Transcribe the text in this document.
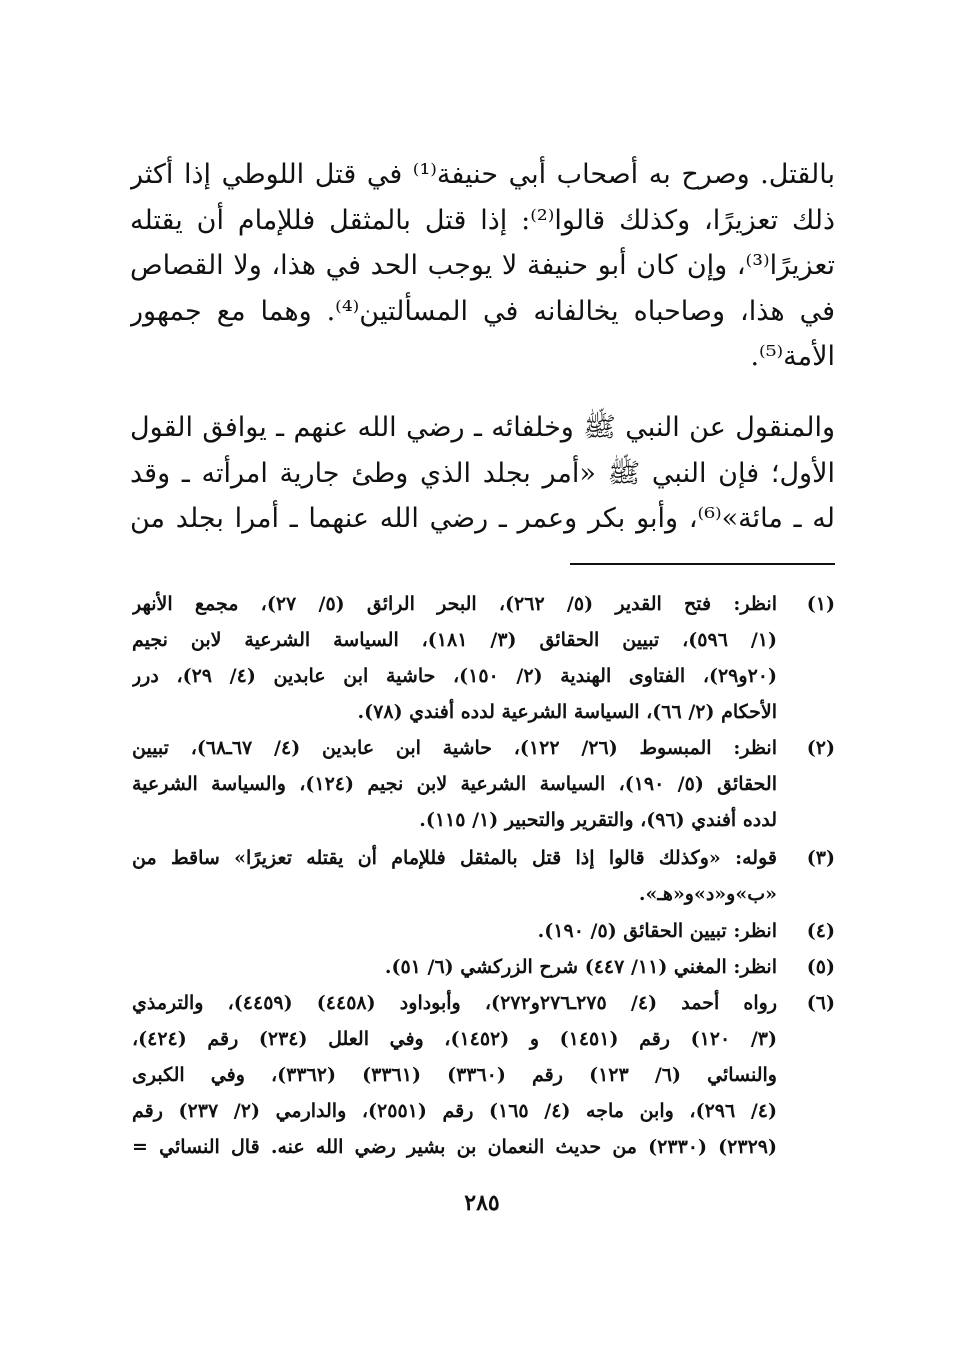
بالقتل. وصرح به أصحاب أبي حنيفة⁽¹⁾ في قتل اللوطي إذا أكثر
ذلك تعزيرًا، وكذلك قالوا⁽²⁾: إذا قتل بالمثقل فللإمام أن يقتله
تعزيرًا⁽³⁾، وإن كان أبو حنيفة لا يوجب الحد في هذا، ولا القصاص
في هذا، وصاحباه يخالفانه في المسألتين⁽⁴⁾. وهما مع جمهور
الأمة⁽⁵⁾.
والمنقول عن النبي ﷺ وخلفائه ـ رضي الله عنهم ـ يوافق القول
الأول؛ فإن النبي ﷺ «أمر بجلد الذي وطئ جارية امرأته ـ وقد
له ـ مائة»⁽⁶⁾، وأبو بكر وعمر ـ رضي الله عنهما ـ أمرا بجلد من
(١)
انظر: فتح القدير (٥/ ٢٦٢)، البحر الرائق (٥/ ٢٧)، مجمع الأنهر
(١/ ٥٩٦)، تبيين الحقائق (٣/ ١٨١)، السياسة الشرعية لابن نجيم
(٢٠و٢٩)، الفتاوى الهندية (٢/ ١٥٠)، حاشية ابن عابدين (٤/ ٢٩)، درر
الأحكام (٢/ ٦٦)، السياسة الشرعية لدده أفندي (٧٨).
(٢)
انظر: المبسوط (٢٦/ ١٢٢)، حاشية ابن عابدين (٤/ ٦٧ـ٦٨)، تبيين
الحقائق (٥/ ١٩٠)، السياسة الشرعية لابن نجيم (١٢٤)، والسياسة الشرعية
لدده أفندي (٩٦)، والتقرير والتحبير (١/ ١١٥).
(٣)
قوله: «وكذلك قالوا إذا قتل بالمثقل فللإمام أن يقتله تعزيرًا» ساقط من
«ب»و«د»و«هـ».
(٤)
انظر: تبيين الحقائق (٥/ ١٩٠).
(٥)
انظر: المغني (١١/ ٤٤٧) شرح الزركشي (٦/ ٥١).
(٦)
رواه أحمد (٤/ ٢٧٥ـ٢٧٦و٢٧٢)، وأبوداود (٤٤٥٨) (٤٤٥٩)، والترمذي
(٣/ ١٢٠) رقم (١٤٥١) و (١٤٥٢)، وفي العلل (٢٣٤) رقم (٤٢٤)،
والنسائي (٦/ ١٢٣) رقم (٣٣٦٠) (٣٣٦١) (٣٣٦٢)، وفي الكبرى
(٤/ ٢٩٦)، وابن ماجه (٤/ ١٦٥) رقم (٢٥٥١)، والدارمي (٢/ ٢٣٧) رقم
(٢٣٢٩) (٢٣٣٠) من حديث النعمان بن بشير رضي الله عنه. قال النسائي =
٢٨٥
